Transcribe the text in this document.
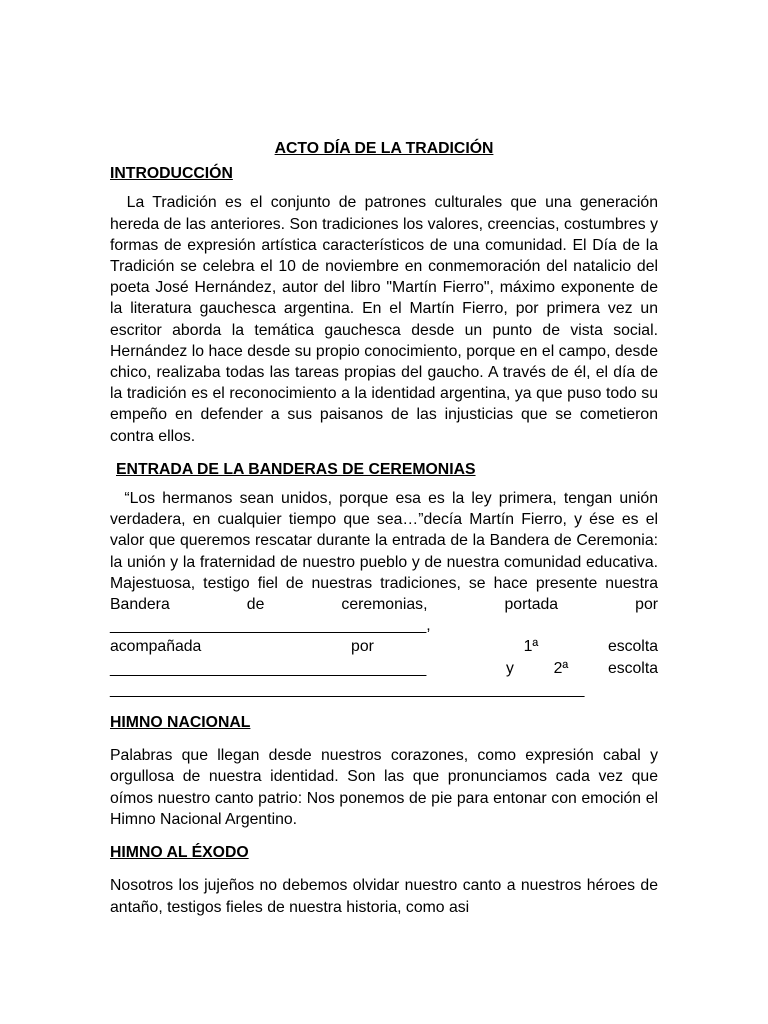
ACTO DÍA DE LA TRADICIÓN

INTRODUCCIÓN

La Tradición es el conjunto de patrones culturales que una generación hereda de las anteriores. Son tradiciones los valores, creencias, costumbres y formas de expresión artística característicos de una comunidad. El Día de la Tradición se celebra el 10 de noviembre en conmemoración del natalicio del poeta José Hernández, autor del libro "Martín Fierro", máximo exponente de la literatura gauchesca argentina. En el Martín Fierro, por primera vez un escritor aborda la temática gauchesca desde un punto de vista social. Hernández lo hace desde su propio conocimiento, porque en el campo, desde chico, realizaba todas las tareas propias del gaucho. A través de él, el día de la tradición es el reconocimiento a la identidad argentina, ya que puso todo su empeño en defender a sus paisanos de las injusticias que se cometieron contra ellos.

ENTRADA DE LA BANDERAS DE CEREMONIAS

“Los hermanos sean unidos, porque esa es la ley primera, tengan unión verdadera, en cualquier tiempo que sea…”decía Martín Fierro, y ése es el valor que queremos rescatar durante la entrada de la Bandera de Ceremonia: la unión y la fraternidad de nuestro pueblo y de nuestra comunidad educativa. Majestuosa, testigo fiel de nuestras tradiciones, se hace presente nuestra Bandera de ceremonias, portada por ____________________________________,

acompañada	por	1ª	escolta
____________________________________	y	2ª	escolta
______________________________________________________

HIMNO NACIONAL

Palabras que llegan desde nuestros corazones, como expresión cabal y orgullosa de nuestra identidad. Son las que pronunciamos cada vez que oímos nuestro canto patrio: Nos ponemos de pie para entonar con emoción el Himno Nacional Argentino.

HIMNO AL ÉXODO

Nosotros los jujeños no debemos olvidar nuestro canto a nuestros héroes de antaño, testigos fieles de nuestra historia, como asi
